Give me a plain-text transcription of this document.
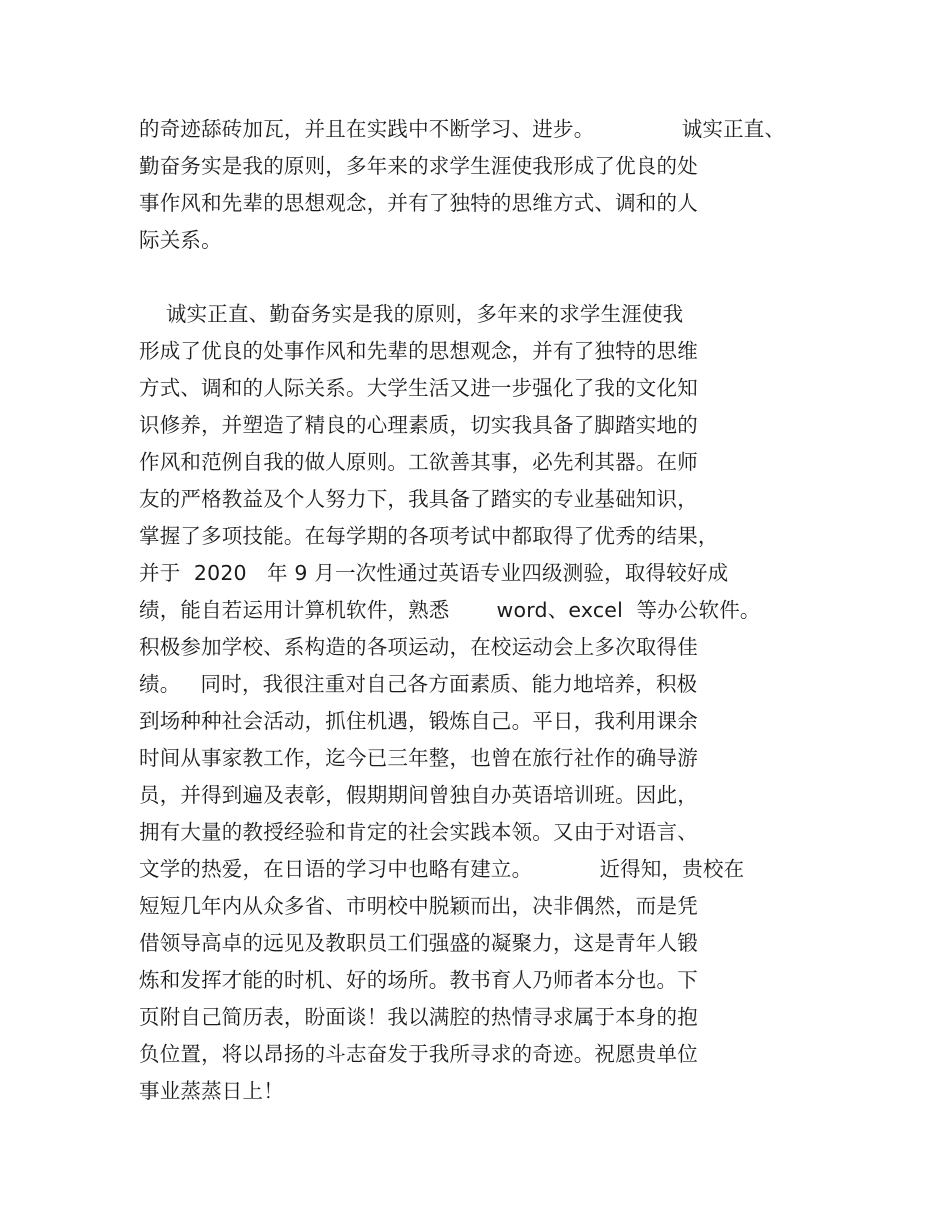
的奇迹舔砖加瓦，并且在实践中不断学习、进步。             诚实正直、
勤奋务实是我的原则，多年来的求学生涯使我形成了优良的处
事作风和先辈的思想观念，并有了独特的思维方式、调和的人
际关系。
诚实正直、勤奋务实是我的原则，多年来的求学生涯使我
形成了优良的处事作风和先辈的思想观念，并有了独特的思维
方式、调和的人际关系。大学生活又进一步强化了我的文化知
识修养，并塑造了精良的心理素质，切实我具备了脚踏实地的
作风和范例自我的做人原则。工欲善其事，必先利其器。在师
友的严格教益及个人努力下，我具备了踏实的专业基础知识，
掌握了多项技能。在每学期的各项考试中都取得了优秀的结果，
并于  2020   年 9 月一次性通过英语专业四级测验，取得较好成
绩，能自若运用计算机软件，熟悉       word、excel  等办公软件。
积极参加学校、系构造的各项运动，在校运动会上多次取得佳
绩。   同时，我很注重对自己各方面素质、能力地培养，积极
到场种种社会活动，抓住机遇，锻炼自己。平日，我利用课余
时间从事家教工作，迄今已三年整，也曾在旅行社作的确导游
员，并得到遍及表彰，假期期间曾独自办英语培训班。因此，
拥有大量的教授经验和肯定的社会实践本领。又由于对语言、
文学的热爱，在日语的学习中也略有建立。          近得知，贵校在
短短几年内从众多省、市明校中脱颖而出，决非偶然，而是凭
借领导高卓的远见及教职员工们强盛的凝聚力，这是青年人锻
炼和发挥才能的时机、好的场所。教书育人乃师者本分也。下
页附自己简历表，盼面谈！我以满腔的热情寻求属于本身的抱
负位置，将以昂扬的斗志奋发于我所寻求的奇迹。祝愿贵单位
事业蒸蒸日上！
